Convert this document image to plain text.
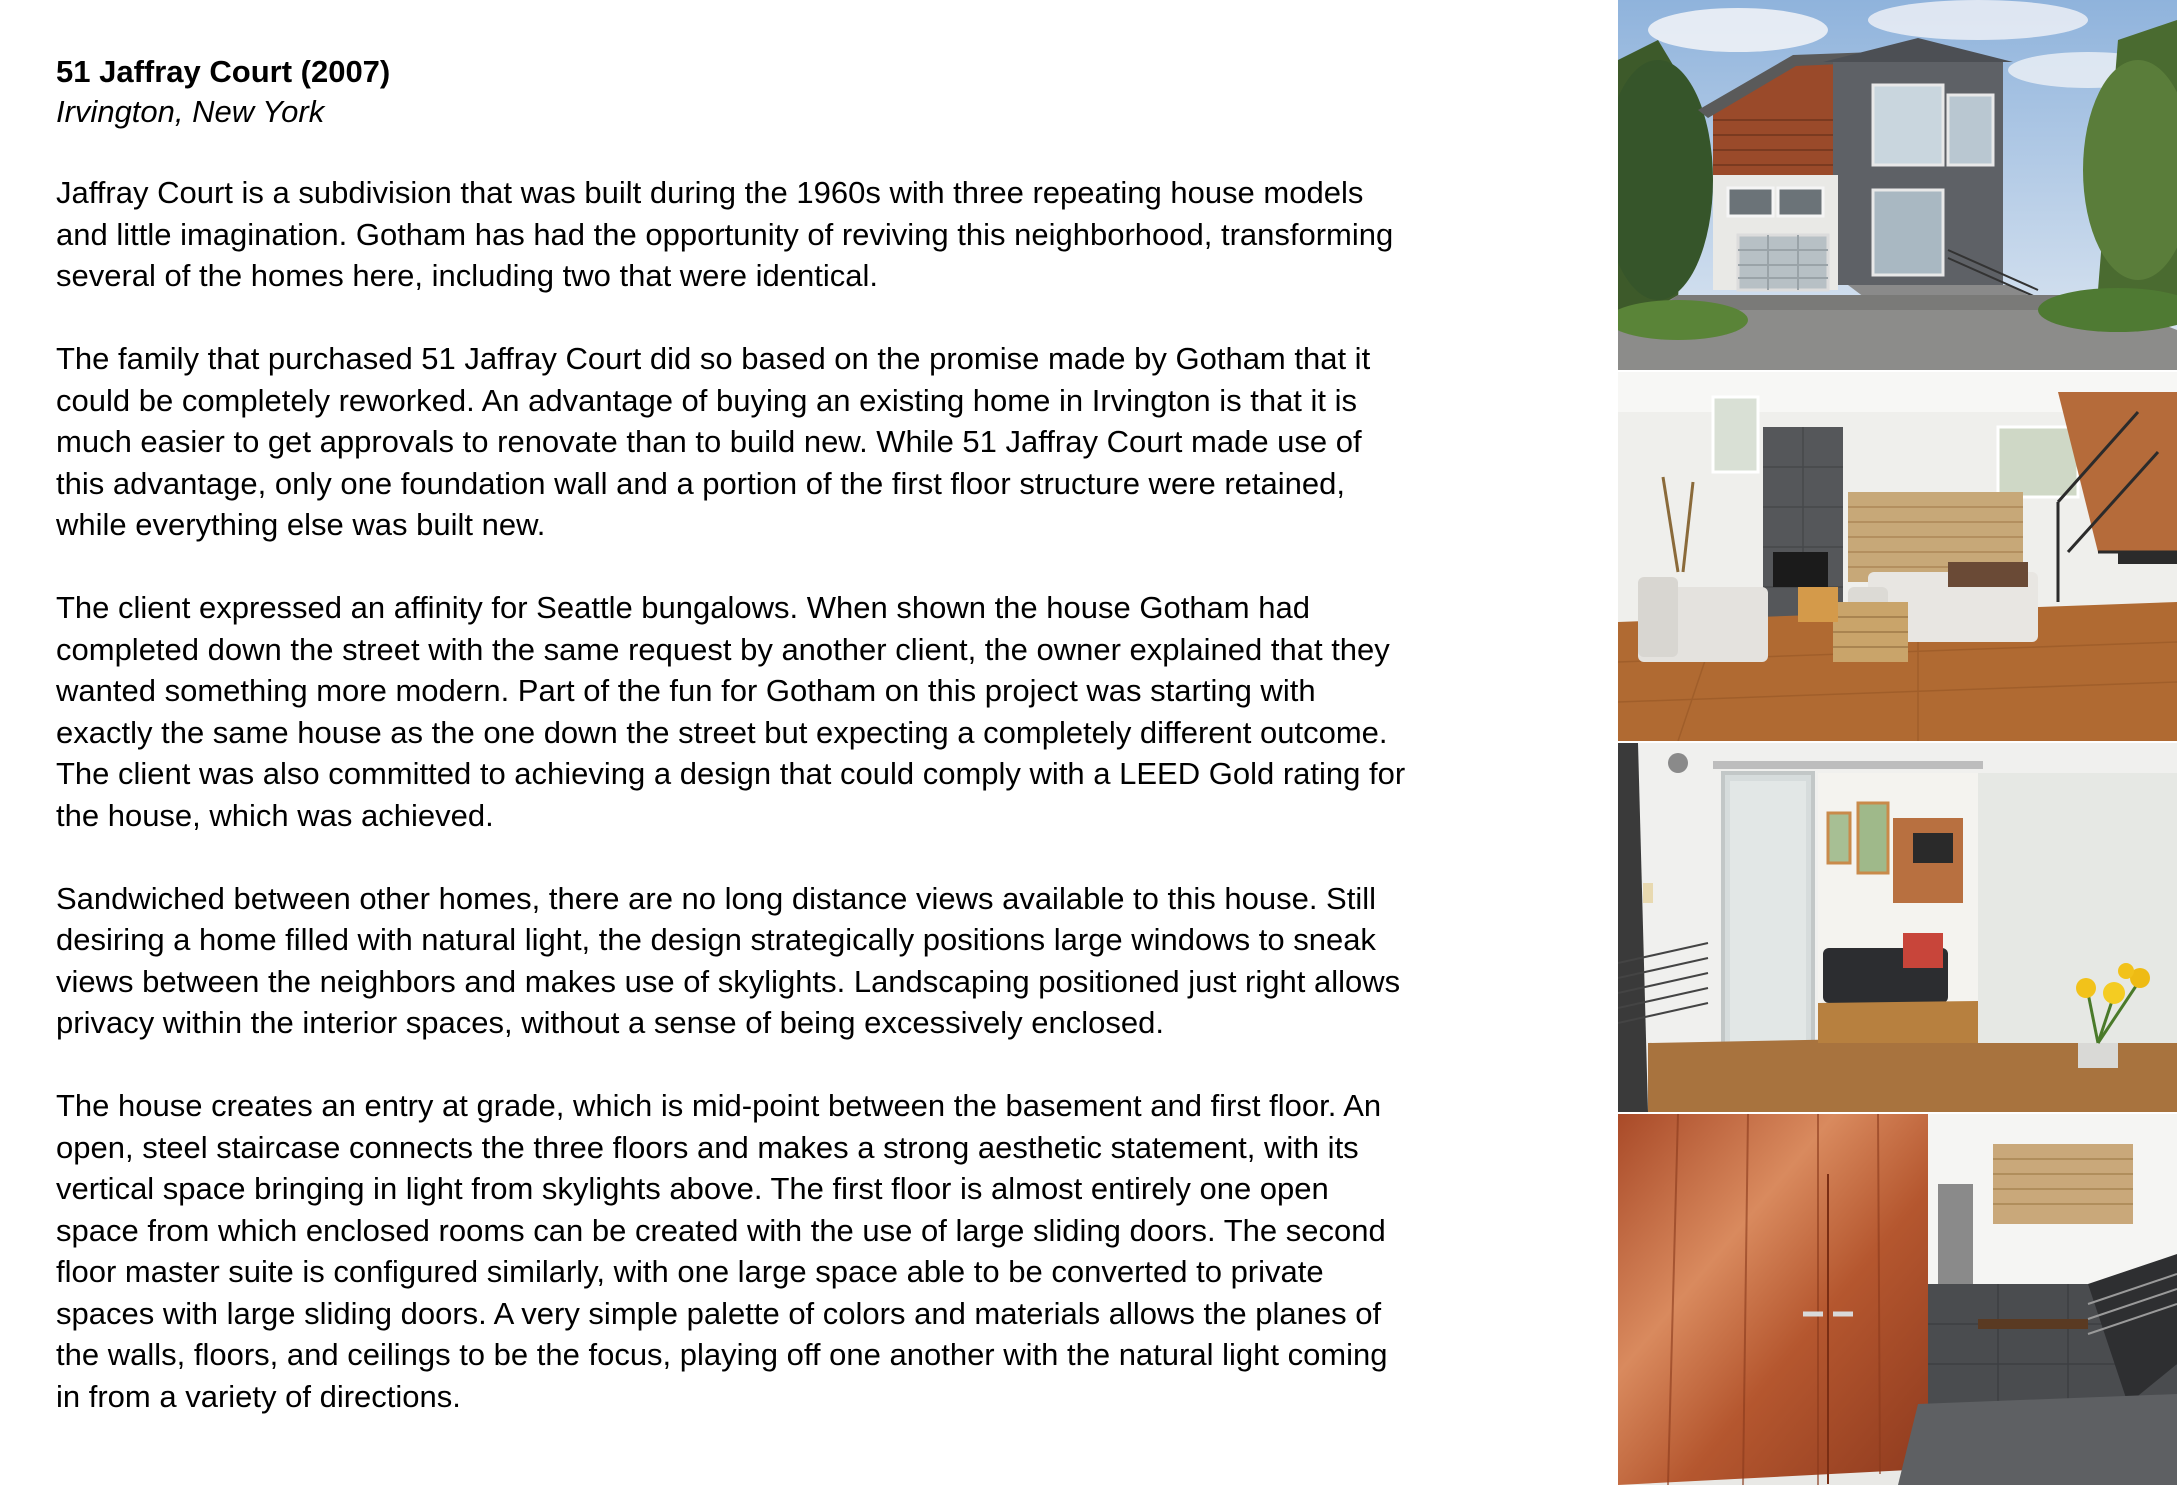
51 Jaffray Court (2007)

Irvington, New York

Jaffray Court is a subdivision that was built during the 1960s with three repeating house models
and little imagination. Gotham has had the opportunity of reviving this neighborhood, transforming
several of the homes here, including two that were identical.

The family that purchased 51 Jaffray Court did so based on the promise made by Gotham that it
could be completely reworked. An advantage of buying an existing home in Irvington is that it is
much easier to get approvals to renovate than to build new. While 51 Jaffray Court made use of
this advantage, only one foundation wall and a portion of the first floor structure were retained,
while everything else was built new.

The client expressed an affinity for Seattle bungalows. When shown the house Gotham had
completed down the street with the same request by another client, the owner explained that they
wanted something more modern. Part of the fun for Gotham on this project was starting with
exactly the same house as the one down the street but expecting a completely different outcome.
The client was also committed to achieving a design that could comply with a LEED Gold rating for
the house, which was achieved.

Sandwiched between other homes, there are no long distance views available to this house. Still
desiring a home filled with natural light, the design strategically positions large windows to sneak
views between the neighbors and makes use of skylights. Landscaping positioned just right allows
privacy within the interior spaces, without a sense of being excessively enclosed.

The house creates an entry at grade, which is mid-point between the basement and first floor. An
open, steel staircase connects the three floors and makes a strong aesthetic statement, with its
vertical space bringing in light from skylights above. The first floor is almost entirely one open
space from which enclosed rooms can be created with the use of large sliding doors. The second
floor master suite is configured similarly, with one large space able to be converted to private
spaces with large sliding doors. A very simple palette of colors and materials allows the planes of
the walls, floors, and ceilings to be the focus, playing off one another with the natural light coming
in from a variety of directions.
